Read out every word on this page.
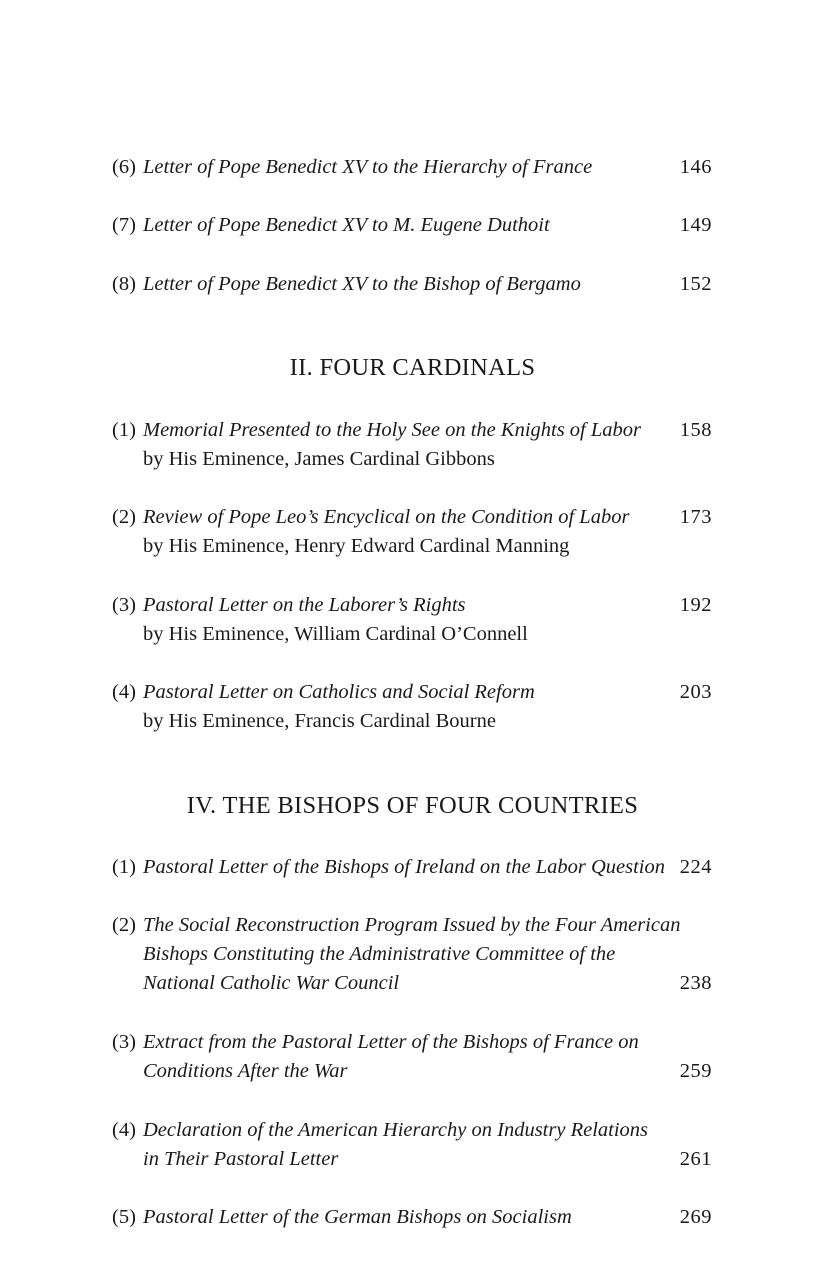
(6) Letter of Pope Benedict XV to the Hierarchy of France	146
(7) Letter of Pope Benedict XV to M. Eugene Duthoit	149
(8) Letter of Pope Benedict XV to the Bishop of Bergamo	152
II. FOUR CARDINALS
(1) Memorial Presented to the Holy See on the Knights of Labor 158
by His Eminence, James Cardinal Gibbons
(2) Review of Pope Leo’s Encyclical on the Condition of Labor 173
by His Eminence, Henry Edward Cardinal Manning
(3) Pastoral Letter on the Laborer’s Rights	192
by His Eminence, William Cardinal O’Connell
(4) Pastoral Letter on Catholics and Social Reform	203
by His Eminence, Francis Cardinal Bourne
IV. THE BISHOPS OF FOUR COUNTRIES
(1) Pastoral Letter of the Bishops of Ireland on the Labor Question 224
(2) The Social Reconstruction Program Issued by the Four American
Bishops Constituting the Administrative Committee of the
National Catholic War Council	238
(3) Extract from the Pastoral Letter of the Bishops of France on
Conditions After the War	259
(4) Declaration of the American Hierarchy on Industry Relations
in Their Pastoral Letter	261
(5) Pastoral Letter of the German Bishops on Socialism	269
